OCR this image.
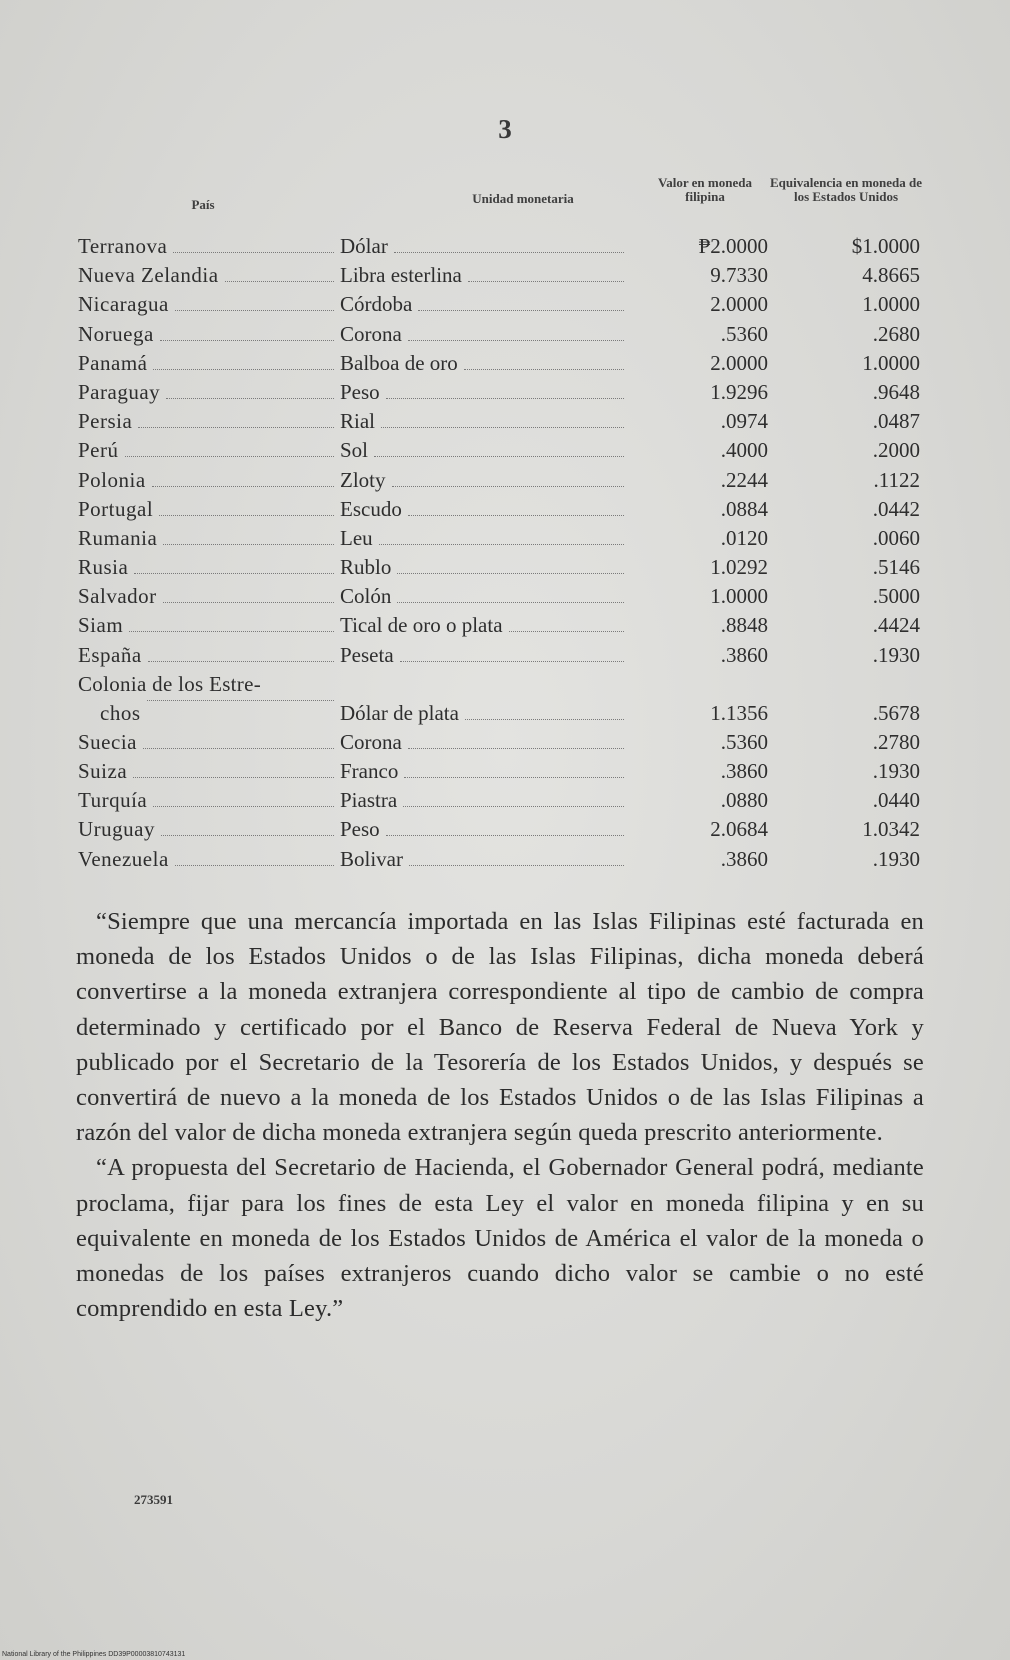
3
País	Unidad monetaria
Valor en moneda filipina
Equivalencia en moneda de los Estados Unidos
Terranova	Dólar	₱2.0000	$1.0000
Nueva Zelandia	Libra esterlina	9.7330	4.8665
Nicaragua	Córdoba	2.0000	1.0000
Noruega	Corona	.5360	.2680
Panamá	Balboa de oro	2.0000	1.0000
Paraguay	Peso	1.9296	.9648
Persia	Rial	.0974	.0487
Perú	Sol	.4000	.2000
Polonia	Zloty	.2244	.1122
Portugal	Escudo	.0884	.0442
Rumania	Leu	.0120	.0060
Rusia	Rublo	1.0292	.5146
Salvador	Colón	1.0000	.5000
Siam	Tical de oro o plata	.8848	.4424
España	Peseta	.3860	.1930
Colonia de los Estre-
chos	Dólar de plata	1.1356	.5678
Suecia	Corona	.5360	.2780
Suiza	Franco	.3860	.1930
Turquía	Piastra	.0880	.0440
Uruguay	Peso	2.0684	1.0342
Venezuela	Bolivar	.3860	.1930

“Siempre que una mercancía importada en las Islas Filipinas esté facturada en moneda de los Estados Unidos o de las Islas Filipinas, dicha moneda deberá convertirse a la moneda extranjera correspondiente al tipo de cambio de compra determinado y certificado por el Banco de Reserva Federal de Nueva York y publicado por el Secretario de la Tesorería de los Estados Unidos, y después se convertirá de nuevo a la moneda de los Estados Unidos o de las Islas Filipinas a razón del valor de dicha moneda extranjera según queda prescrito anteriormente.

“A propuesta del Secretario de Hacienda, el Gobernador General podrá, mediante proclama, fijar para los fines de esta Ley el valor en moneda filipina y en su equivalente en moneda de los Estados Unidos de América el valor de la moneda o monedas de los países extranjeros cuando dicho valor se cambie o no esté comprendido en esta Ley.”

273591
National Library of the Philippines DD39P00003810743131
